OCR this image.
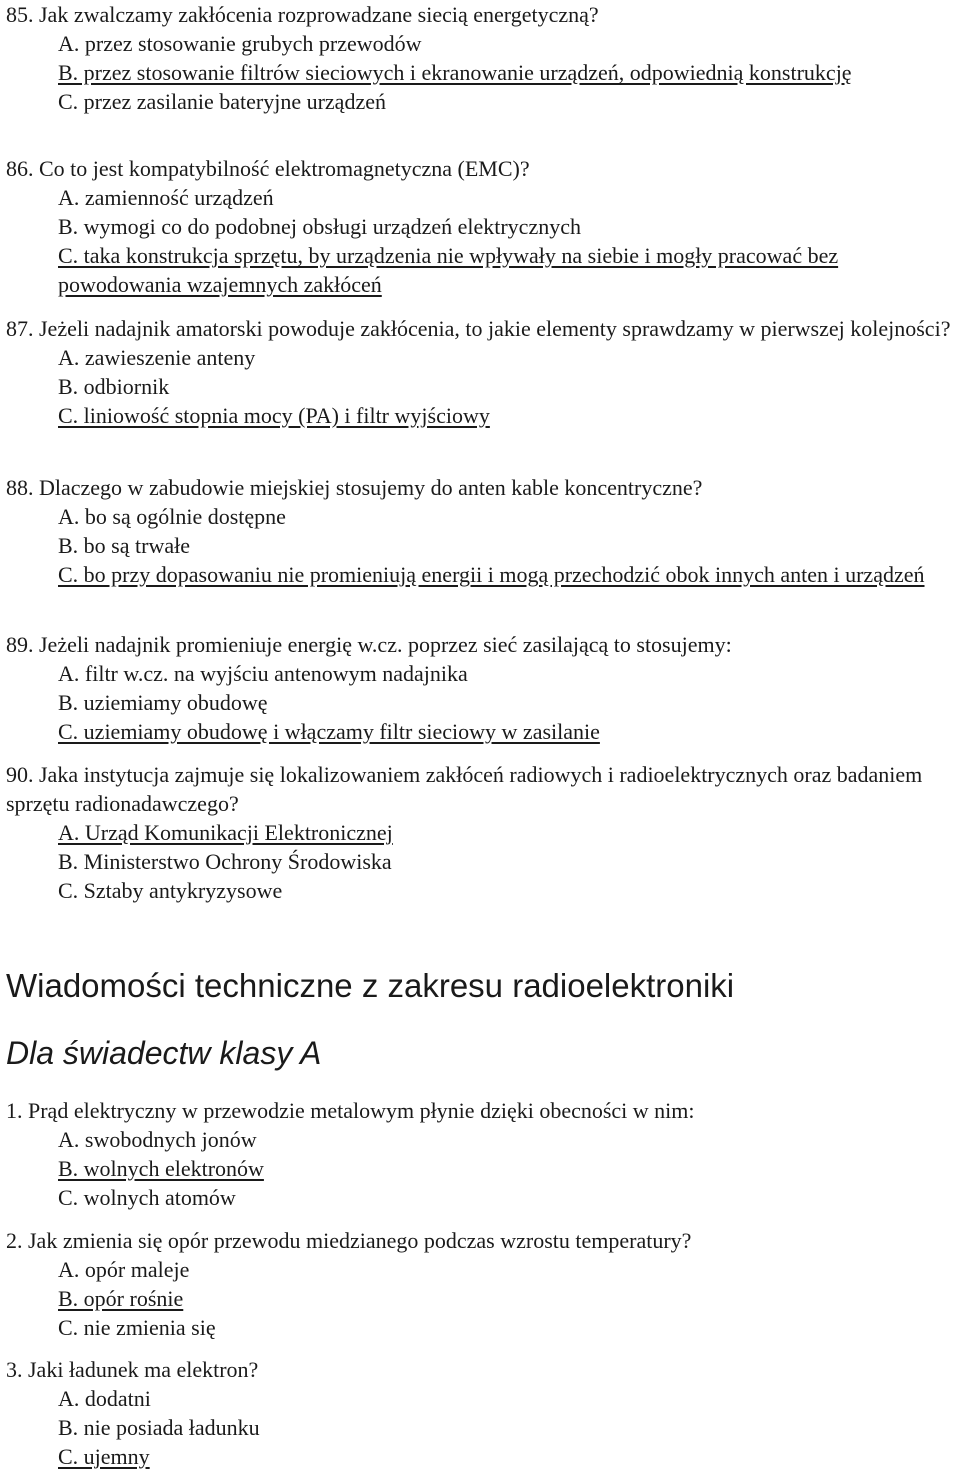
85. Jak zwalczamy zakłócenia rozprowadzane siecią energetyczną?
A. przez stosowanie grubych przewodów
B. przez stosowanie filtrów sieciowych i ekranowanie urządzeń, odpowiednią konstrukcję
C. przez zasilanie bateryjne urządzeń
86. Co to jest kompatybilność elektromagnetyczna (EMC)?
A. zamienność urządzeń
B. wymogi co do podobnej obsługi urządzeń elektrycznych
C. taka konstrukcja sprzętu, by urządzenia nie wpływały na siebie i mogły pracować bez powodowania wzajemnych zakłóceń
87. Jeżeli nadajnik amatorski powoduje zakłócenia, to jakie elementy sprawdzamy w pierwszej kolejności?
A. zawieszenie anteny
B. odbiornik
C. liniowość stopnia mocy (PA) i filtr wyjściowy
88. Dlaczego w zabudowie miejskiej stosujemy do anten kable koncentryczne?
A. bo są ogólnie dostępne
B. bo są trwałe
C. bo przy dopasowaniu nie promieniują energii i mogą przechodzić obok innych anten i urządzeń
89. Jeżeli nadajnik promieniuje energię w.cz. poprzez sieć zasilającą to stosujemy:
A. filtr w.cz. na wyjściu antenowym nadajnika
B. uziemiamy obudowę
C. uziemiamy obudowę i włączamy filtr sieciowy w zasilanie
90. Jaka instytucja zajmuje się lokalizowaniem zakłóceń radiowych i radioelektrycznych oraz badaniem sprzętu radionadawczego?
A. Urząd Komunikacji Elektronicznej
B. Ministerstwo Ochrony Środowiska
C. Sztaby antykryzysowe
Wiadomości techniczne z zakresu radioelektroniki
Dla świadectw klasy A
1. Prąd elektryczny w przewodzie metalowym płynie dzięki obecności w nim:
A. swobodnych jonów
B. wolnych elektronów
C. wolnych atomów
2. Jak zmienia się opór przewodu miedzianego podczas wzrostu temperatury?
A. opór maleje
B. opór rośnie
C. nie zmienia się
3. Jaki ładunek ma elektron?
A. dodatni
B. nie posiada ładunku
C. ujemny
